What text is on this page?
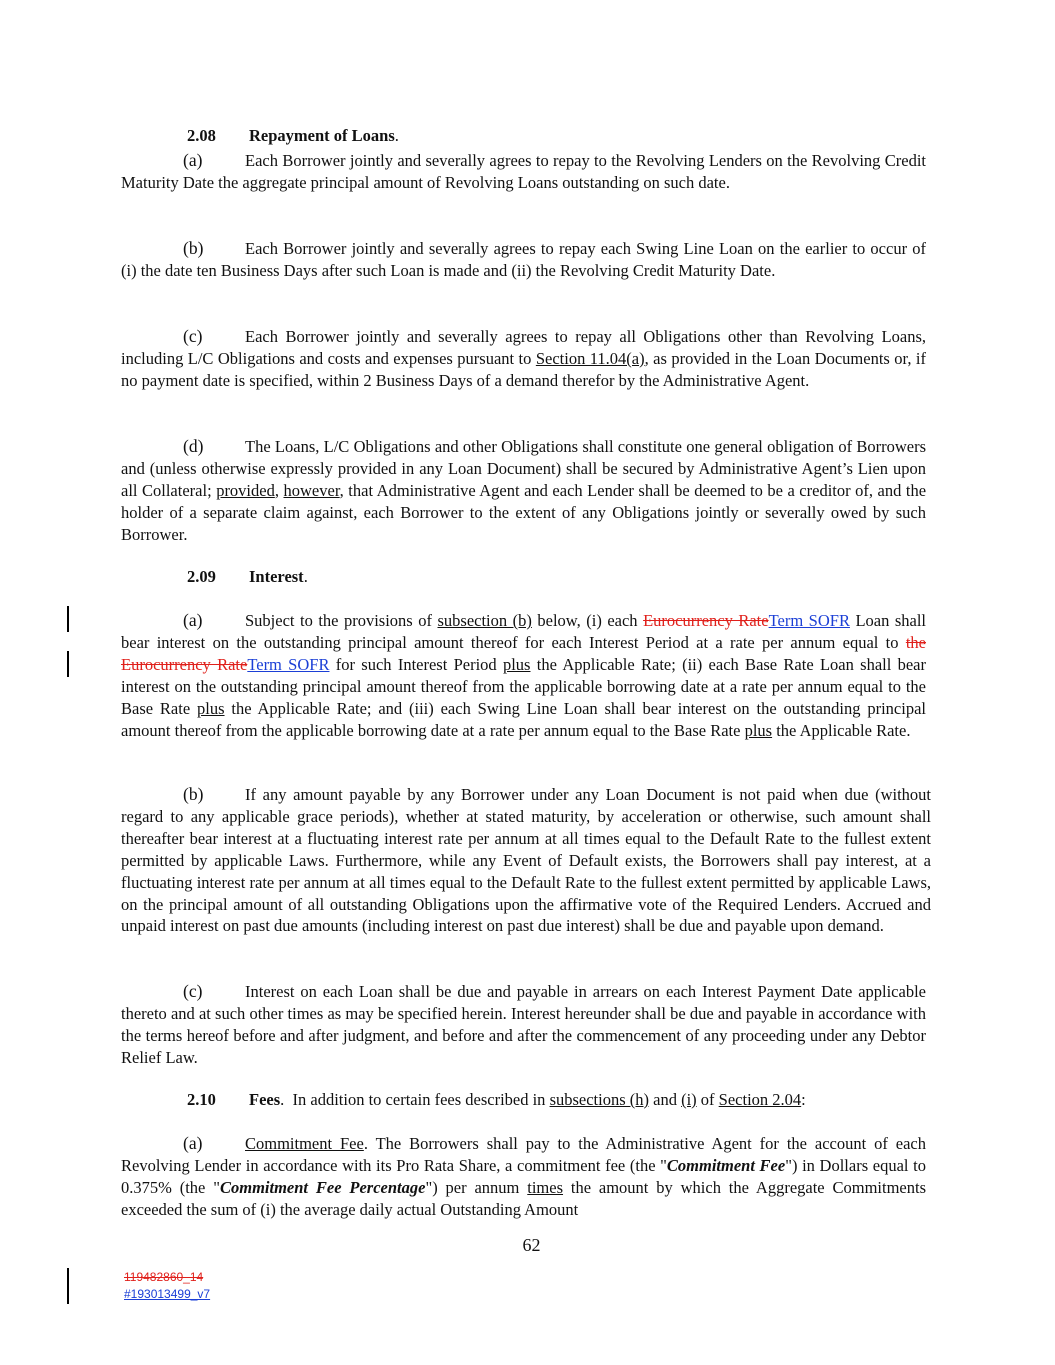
2.08 Repayment of Loans.

(a)	Each Borrower jointly and severally agrees to repay to the Revolving Lenders on the Revolving Credit Maturity Date the aggregate principal amount of Revolving Loans outstanding on such date.

(b)	Each Borrower jointly and severally agrees to repay each Swing Line Loan on the earlier to occur of (i) the date ten Business Days after such Loan is made and (ii) the Revolving Credit Maturity Date.

(c)	Each Borrower jointly and severally agrees to repay all Obligations other than Revolving Loans, including L/C Obligations and costs and expenses pursuant to Section 11.04(a), as provided in the Loan Documents or, if no payment date is specified, within 2 Business Days of a demand therefor by the Administrative Agent.

(d)	The Loans, L/C Obligations and other Obligations shall constitute one general obligation of Borrowers and (unless otherwise expressly provided in any Loan Document) shall be secured by Administrative Agent’s Lien upon all Collateral; provided, however, that Administrative Agent and each Lender shall be deemed to be a creditor of, and the holder of a separate claim against, each Borrower to the extent of any Obligations jointly or severally owed by such Borrower.

2.09 Interest.

(a)	Subject to the provisions of subsection (b) below, (i) each Eurocurrency RateTerm SOFR Loan shall bear interest on the outstanding principal amount thereof for each Interest Period at a rate per annum equal to the Eurocurrency RateTerm SOFR for such Interest Period plus the Applicable Rate; (ii) each Base Rate Loan shall bear interest on the outstanding principal amount thereof from the applicable borrowing date at a rate per annum equal to the Base Rate plus the Applicable Rate; and (iii) each Swing Line Loan shall bear interest on the outstanding principal amount thereof from the applicable borrowing date at a rate per annum equal to the Base Rate plus the Applicable Rate.

(b)	If any amount payable by any Borrower under any Loan Document is not paid when due (without regard to any applicable grace periods), whether at stated maturity, by acceleration or otherwise, such amount shall thereafter bear interest at a fluctuating interest rate per annum at all times equal to the Default Rate to the fullest extent permitted by applicable Laws. Furthermore, while any Event of Default exists, the Borrowers shall pay interest, at a fluctuating interest rate per annum at all times equal to the Default Rate to the fullest extent permitted by applicable Laws, on the principal amount of all outstanding Obligations upon the affirmative vote of the Required Lenders. Accrued and unpaid interest on past due amounts (including interest on past due interest) shall be due and payable upon demand.

(c)	Interest on each Loan shall be due and payable in arrears on each Interest Payment Date applicable thereto and at such other times as may be specified herein. Interest hereunder shall be due and payable in accordance with the terms hereof before and after judgment, and before and after the commencement of any proceeding under any Debtor Relief Law.

2.10 Fees.  In addition to certain fees described in subsections (h) and (i) of Section 2.04:

(a)	Commitment Fee. The Borrowers shall pay to the Administrative Agent for the account of each Revolving Lender in accordance with its Pro Rata Share, a commitment fee (the "Commitment Fee") in Dollars equal to 0.375% (the "Commitment Fee Percentage") per annum times the amount by which the Aggregate Commitments exceeded the sum of (i) the average daily actual Outstanding Amount

62
119482860_14
#193013499_v7
